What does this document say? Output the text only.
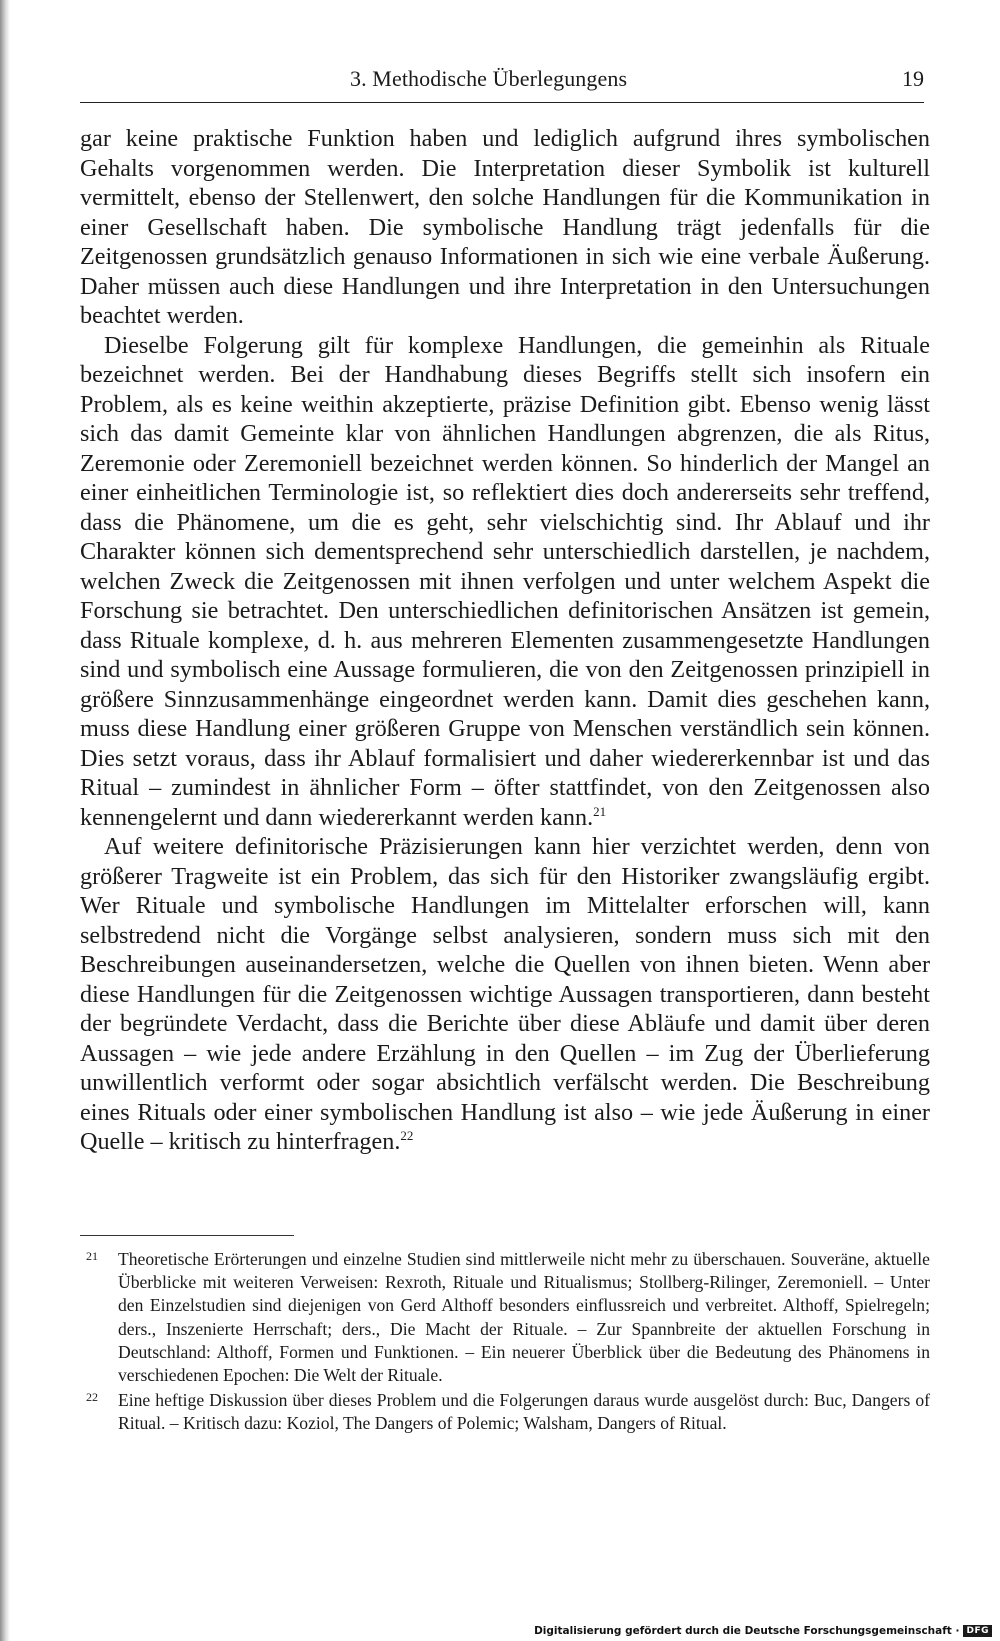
3. Methodische Überlegungens	19

gar keine praktische Funktion haben und lediglich aufgrund ihres symbolischen Gehalts vorgenommen werden. Die Interpretation dieser Symbolik ist kulturell vermittelt, ebenso der Stellenwert, den solche Handlungen für die Kommunikation in einer Gesellschaft haben. Die symbolische Handlung trägt jedenfalls für die Zeitgenossen grundsätzlich genauso Informationen in sich wie eine verbale Äußerung. Daher müssen auch diese Handlungen und ihre Interpretation in den Untersuchungen beachtet werden.

Dieselbe Folgerung gilt für komplexe Handlungen, die gemeinhin als Rituale bezeichnet werden. Bei der Handhabung dieses Begriffs stellt sich insofern ein Problem, als es keine weithin akzeptierte, präzise Definition gibt. Ebenso wenig lässt sich das damit Gemeinte klar von ähnlichen Handlungen abgrenzen, die als Ritus, Zeremonie oder Zeremoniell bezeichnet werden können. So hinderlich der Mangel an einer einheitlichen Terminologie ist, so reflektiert dies doch andererseits sehr treffend, dass die Phänomene, um die es geht, sehr vielschichtig sind. Ihr Ablauf und ihr Charakter können sich dementsprechend sehr unterschiedlich darstellen, je nachdem, welchen Zweck die Zeitgenossen mit ihnen verfolgen und unter welchem Aspekt die Forschung sie betrachtet. Den unterschiedlichen definitorischen Ansätzen ist gemein, dass Rituale komplexe, d. h. aus mehreren Elementen zusammengesetzte Handlungen sind und symbolisch eine Aussage formulieren, die von den Zeitgenossen prinzipiell in größere Sinnzusammenhänge eingeordnet werden kann. Damit dies geschehen kann, muss diese Handlung einer größeren Gruppe von Menschen verständlich sein können. Dies setzt voraus, dass ihr Ablauf formalisiert und daher wiedererkennbar ist und das Ritual – zumindest in ähnlicher Form – öfter stattfindet, von den Zeitgenossen also kennengelernt und dann wiedererkannt werden kann.$^{21}$

Auf weitere definitorische Präzisierungen kann hier verzichtet werden, denn von größerer Tragweite ist ein Problem, das sich für den Historiker zwangsläufig ergibt. Wer Rituale und symbolische Handlungen im Mittelalter erforschen will, kann selbstredend nicht die Vorgänge selbst analysieren, sondern muss sich mit den Beschreibungen auseinandersetzen, welche die Quellen von ihnen bieten. Wenn aber diese Handlungen für die Zeitgenossen wichtige Aussagen transportieren, dann besteht der begründete Verdacht, dass die Berichte über diese Abläufe und damit über deren Aussagen – wie jede andere Erzählung in den Quellen – im Zug der Überlieferung unwillentlich verformt oder sogar absichtlich verfälscht werden. Die Beschreibung eines Rituals oder einer symbolischen Handlung ist also – wie jede Äußerung in einer Quelle – kritisch zu hinterfragen.$^{22}$

21 Theoretische Erörterungen und einzelne Studien sind mittlerweile nicht mehr zu überschauen. Souveräne, aktuelle Überblicke mit weiteren Verweisen: Rexroth, Rituale und Ritualismus; Stollberg-Rilinger, Zeremoniell. – Unter den Einzelstudien sind diejenigen von Gerd Althoff besonders einflussreich und verbreitet. Althoff, Spielregeln; ders., Inszenierte Herrschaft; ders., Die Macht der Rituale. – Zur Spannbreite der aktuellen Forschung in Deutschland: Althoff, Formen und Funktionen. – Ein neuerer Überblick über die Bedeutung des Phänomens in verschiedenen Epochen: Die Welt der Rituale.

22 Eine heftige Diskussion über dieses Problem und die Folgerungen daraus wurde ausgelöst durch: Buc, Dangers of Ritual. – Kritisch dazu: Koziol, The Dangers of Polemic; Walsham, Dangers of Ritual.

Digitalisierung gefördert durch die Deutsche Forschungsgemeinschaft · DFG
